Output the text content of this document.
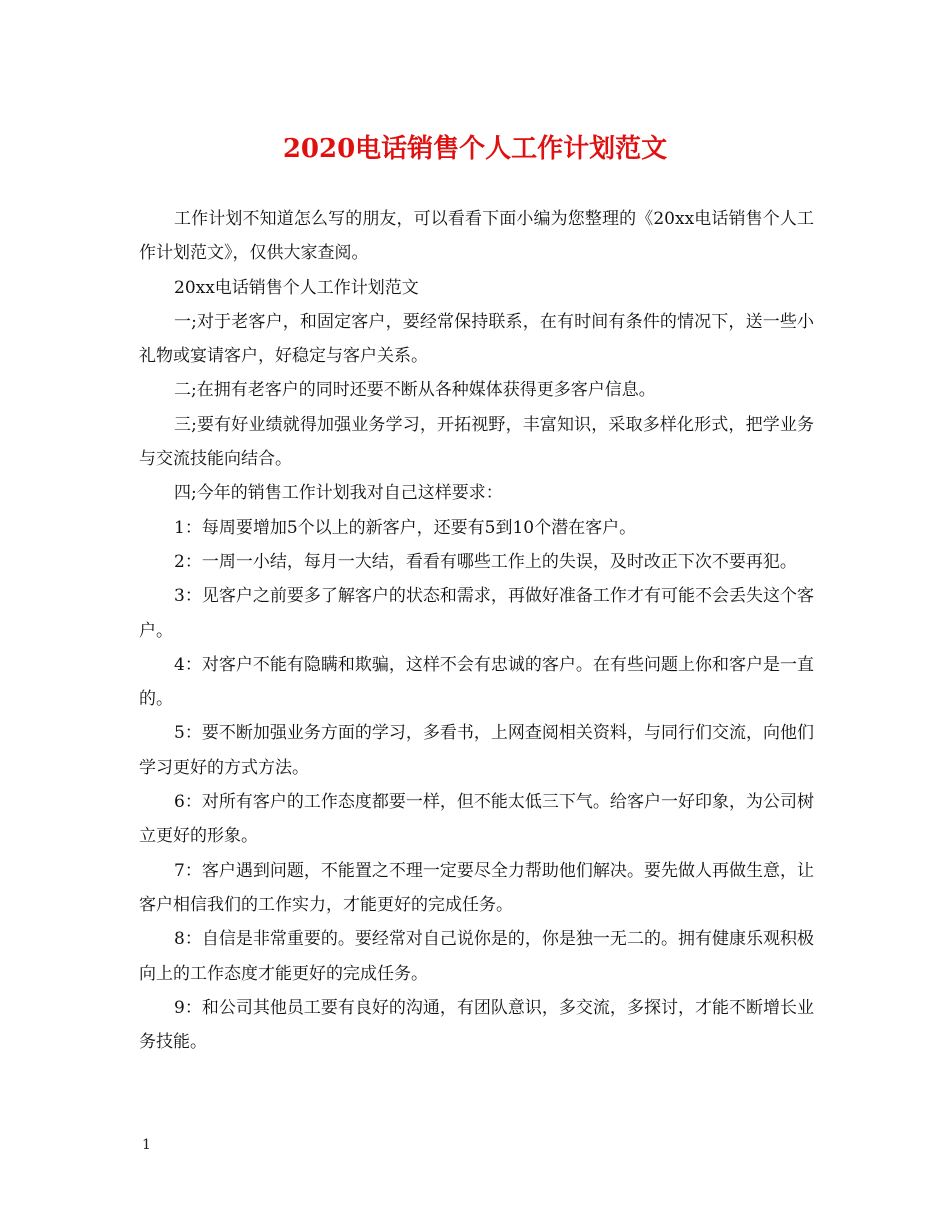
2020电话销售个人工作计划范文

工作计划不知道怎么写的朋友，可以看看下面小编为您整理的《20xx电话销售个人工作计划范文》，仅供大家查阅。

20xx电话销售个人工作计划范文

一;对于老客户，和固定客户，要经常保持联系，在有时间有条件的情况下，送一些小礼物或宴请客户，好稳定与客户关系。

二;在拥有老客户的同时还要不断从各种媒体获得更多客户信息。

三;要有好业绩就得加强业务学习，开拓视野，丰富知识，采取多样化形式，把学业务与交流技能向结合。

四;今年的销售工作计划我对自己这样要求：

1：每周要增加5个以上的新客户，还要有5到10个潜在客户。

2：一周一小结，每月一大结，看看有哪些工作上的失误，及时改正下次不要再犯。

3：见客户之前要多了解客户的状态和需求，再做好准备工作才有可能不会丢失这个客户。

4：对客户不能有隐瞒和欺骗，这样不会有忠诚的客户。在有些问题上你和客户是一直的。

5：要不断加强业务方面的学习，多看书，上网查阅相关资料，与同行们交流，向他们学习更好的方式方法。

6：对所有客户的工作态度都要一样，但不能太低三下气。给客户一好印象，为公司树立更好的形象。

7：客户遇到问题，不能置之不理一定要尽全力帮助他们解决。要先做人再做生意，让客户相信我们的工作实力，才能更好的完成任务。

8：自信是非常重要的。要经常对自己说你是的，你是独一无二的。拥有健康乐观积极向上的工作态度才能更好的完成任务。

9：和公司其他员工要有良好的沟通，有团队意识，多交流，多探讨，才能不断增长业务技能。

1
